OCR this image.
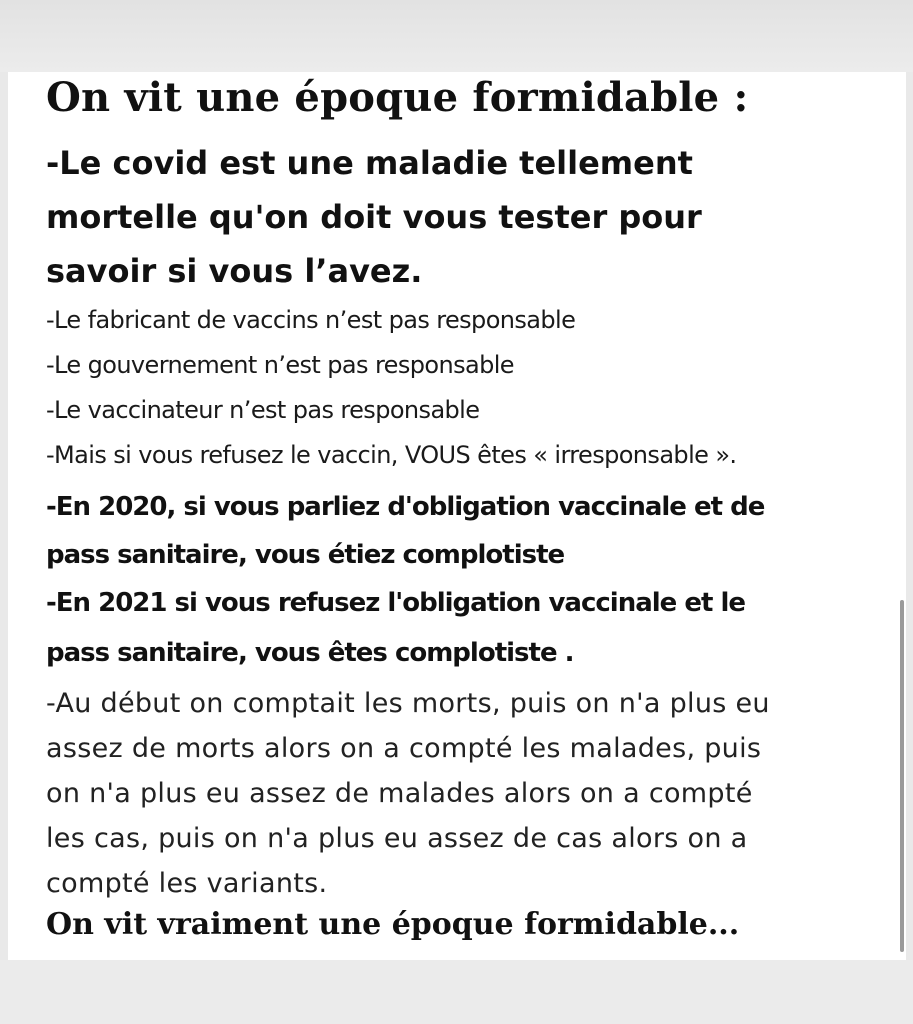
On vit une époque formidable :

-Le covid est une maladie tellement

mortelle qu'on doit vous tester pour

savoir si vous l’avez.

-Le fabricant de vaccins n’est pas responsable

-Le gouvernement n’est pas responsable

-Le vaccinateur n’est pas responsable

-Mais si vous refusez le vaccin, VOUS êtes « irresponsable ».

-En 2020, si vous parliez d'obligation vaccinale et de

pass sanitaire, vous étiez complotiste

-En 2021 si vous refusez l'obligation vaccinale et le

pass sanitaire, vous êtes complotiste .

-Au début on comptait les morts, puis on n'a plus eu

assez de morts alors on a compté les malades, puis

on n'a plus eu assez de malades alors on a compté

les cas, puis on n'a plus eu assez de cas alors on a

compté les variants.

On vit vraiment une époque formidable...
